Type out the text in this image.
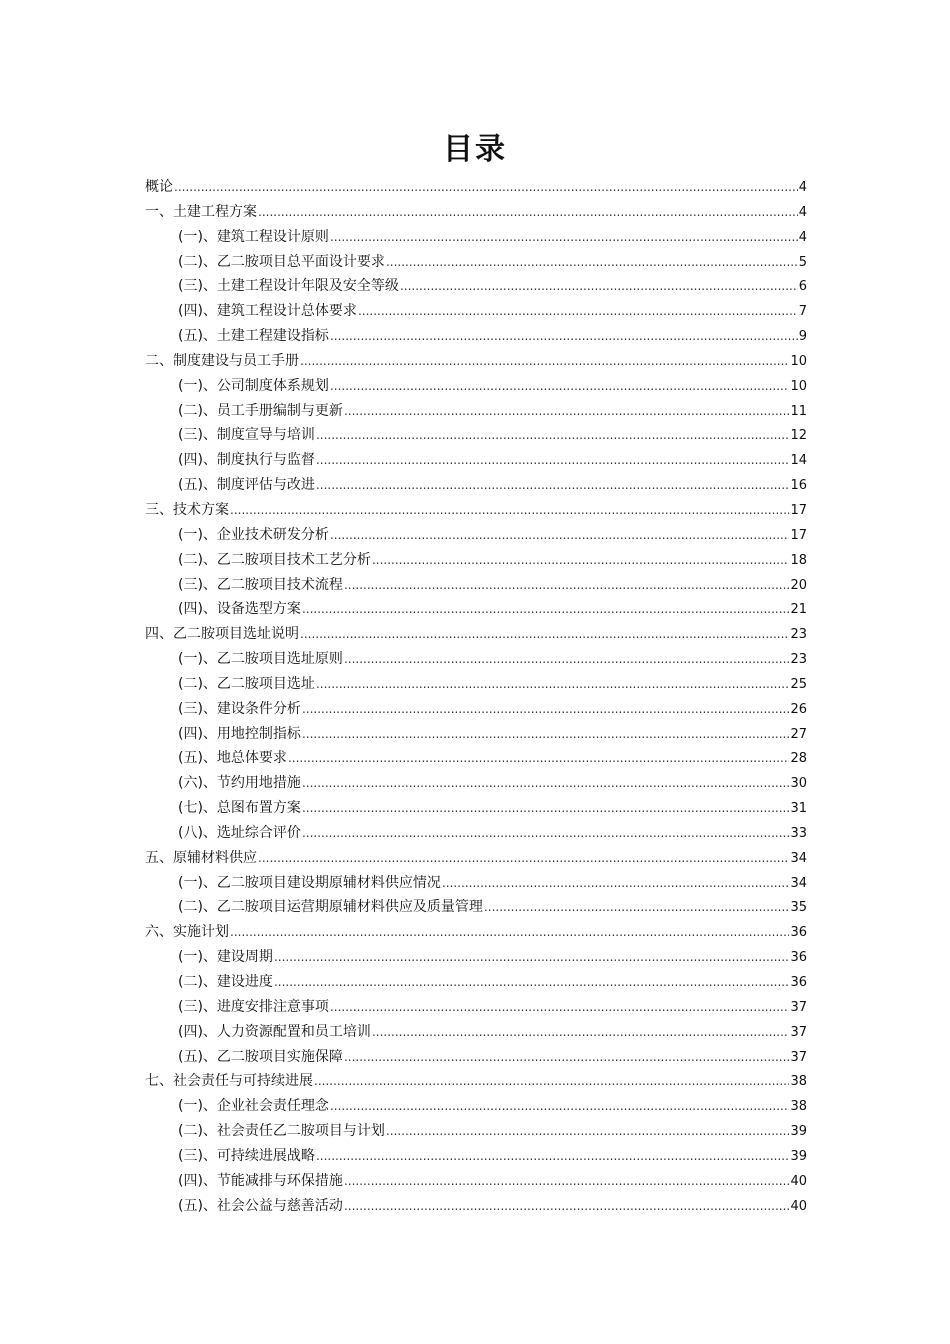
目录
概论 .....	4
一、土建工程方案 .....	4
(一)、建筑工程设计原则 .....	4
(二)、乙二胺项目总平面设计要求 .....	5
(三)、土建工程设计年限及安全等级 .....	6
(四)、建筑工程设计总体要求 .....	7
(五)、土建工程建设指标 .....	9
二、制度建设与员工手册 .....	10
(一)、公司制度体系规划 .....	10
(二)、员工手册编制与更新 .....	11
(三)、制度宣导与培训 .....	12
(四)、制度执行与监督 .....	14
(五)、制度评估与改进 .....	16
三、技术方案 .....	17
(一)、企业技术研发分析 .....	17
(二)、乙二胺项目技术工艺分析 .....	18
(三)、乙二胺项目技术流程 .....	20
(四)、设备选型方案 .....	21
四、乙二胺项目选址说明 .....	23
(一)、乙二胺项目选址原则 .....	23
(二)、乙二胺项目选址 .....	25
(三)、建设条件分析 .....	26
(四)、用地控制指标 .....	27
(五)、地总体要求 .....	28
(六)、节约用地措施 .....	30
(七)、总图布置方案 .....	31
(八)、选址综合评价 .....	33
五、原辅材料供应 .....	34
(一)、乙二胺项目建设期原辅材料供应情况 .....	34
(二)、乙二胺项目运营期原辅材料供应及质量管理 .....	35
六、实施计划 .....	36
(一)、建设周期 .....	36
(二)、建设进度 .....	36
(三)、进度安排注意事项 .....	37
(四)、人力资源配置和员工培训 .....	37
(五)、乙二胺项目实施保障 .....	37
七、社会责任与可持续进展 .....	38
(一)、企业社会责任理念 .....	38
(二)、社会责任乙二胺项目与计划 .....	39
(三)、可持续进展战略 .....	39
(四)、节能减排与环保措施 .....	40
(五)、社会公益与慈善活动 .....	40
